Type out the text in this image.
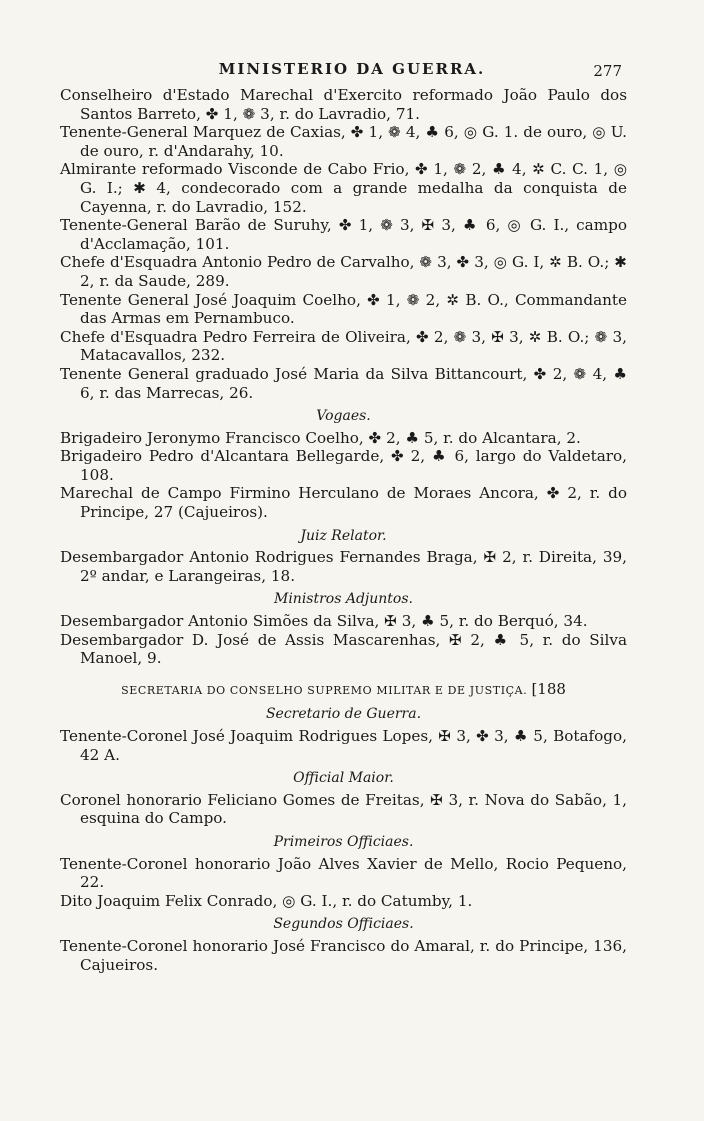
MINISTERIO DA GUERRA.	277

Conselheiro d'Estado Marechal d'Exercito reformado João Paulo dos Santos Barreto, ✤ 1, ❁ 3, r. do Lavradio, 71.

Tenente-General Marquez de Caxias, ✤ 1, ❁ 4, ♣ 6, ◎ G. 1. de ouro, ◎ U. de ouro, r. d'Andarahy, 10.

Almirante reformado Visconde de Cabo Frio, ✤ 1, ❁ 2, ♣ 4, ✲ C. C. 1, ◎ G. I.; ✱ 4, condecorado com a grande medalha da conquista de Cayenna, r. do Lavradio, 152.

Tenente-General Barão de Suruhy, ✤ 1, ❁ 3, ✠ 3, ♣ 6, ◎ G. I., campo d'Acclamação, 101.

Chefe d'Esquadra Antonio Pedro de Carvalho, ❁ 3, ✤ 3, ◎ G. I, ✲ B. O.; ✱ 2, r. da Saude, 289.

Tenente General José Joaquim Coelho, ✤ 1, ❁ 2, ✲ B. O., Commandante das Armas em Pernambuco.

Chefe d'Esquadra Pedro Ferreira de Oliveira, ✤ 2, ❁ 3, ✠ 3, ✲ B. O.; ❁ 3, Matacavallos, 232.

Tenente General graduado José Maria da Silva Bittancourt, ✤ 2, ❁ 4, ♣ 6, r. das Marrecas, 26.

Vogaes.

Brigadeiro Jeronymo Francisco Coelho, ✤ 2, ♣ 5, r. do Alcantara, 2.

Brigadeiro Pedro d'Alcantara Bellegarde, ✤ 2, ♣ 6, largo do Valdetaro, 108.

Marechal de Campo Firmino Herculano de Moraes Ancora, ✤ 2, r. do Principe, 27 (Cajueiros).

Juiz Relator.

Desembargador Antonio Rodrigues Fernandes Braga, ✠ 2, r. Direita, 39, 2º andar, e Larangeiras, 18.

Ministros Adjuntos.

Desembargador Antonio Simões da Silva, ✠ 3, ♣ 5, r. do Berquó, 34.

Desembargador D. José de Assis Mascarenhas, ✠ 2, ♣ 5, r. do Silva Manoel, 9.

SECRETARIA DO CONSELHO SUPREMO MILITAR E DE JUSTIÇA. [188
Secretario de Guerra.

Tenente-Coronel José Joaquim Rodrigues Lopes, ✠ 3, ✤ 3, ♣ 5, Botafogo, 42 A.

Official Maior.

Coronel honorario Feliciano Gomes de Freitas, ✠ 3, r. Nova do Sabão, 1, esquina do Campo.

Primeiros Officiaes.

Tenente-Coronel honorario João Alves Xavier de Mello, Rocio Pequeno, 22.

Dito Joaquim Felix Conrado, ◎ G. I., r. do Catumby, 1.

Segundos Officiaes.

Tenente-Coronel honorario José Francisco do Amaral, r. do Principe, 136, Cajueiros.
